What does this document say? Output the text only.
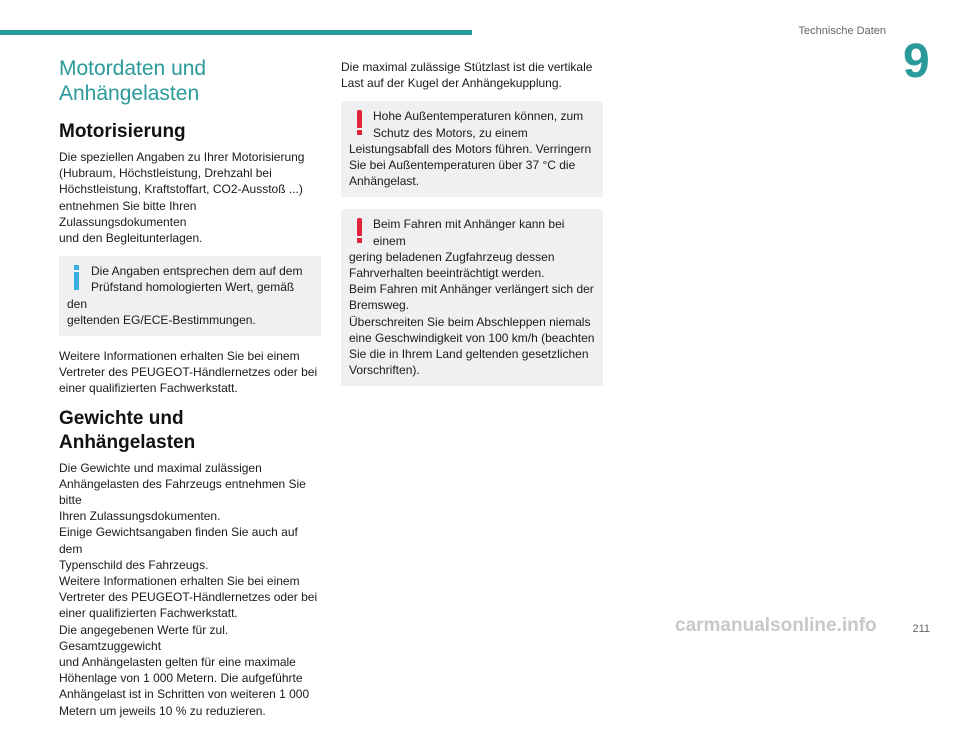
Technische Daten
9
Motordaten und
Anhängelasten
Motorisierung

Die speziellen Angaben zu Ihrer Motorisierung
(Hubraum, Höchstleistung, Drehzahl bei
Höchstleistung, Kraftstoffart, CO2-Ausstoß ...)
entnehmen Sie bitte Ihren Zulassungsdokumenten
und den Begleitunterlagen.

Die Angaben entsprechen dem auf dem
Prüfstand homologierten Wert, gemäß den
geltenden EG/ECE-Bestimmungen.

Weitere Informationen erhalten Sie bei einem
Vertreter des PEUGEOT-Händlernetzes oder bei
einer qualifizierten Fachwerkstatt.

Gewichte und Anhängelasten

Die Gewichte und maximal zulässigen
Anhängelasten des Fahrzeugs entnehmen Sie bitte
Ihren Zulassungsdokumenten.
Einige Gewichtsangaben finden Sie auch auf dem
Typenschild des Fahrzeugs.
Weitere Informationen erhalten Sie bei einem
Vertreter des PEUGEOT-Händlernetzes oder bei
einer qualifizierten Fachwerkstatt.
Die angegebenen Werte für zul. Gesamtzuggewicht
und Anhängelasten gelten für eine maximale
Höhenlage von 1 000 Metern. Die aufgeführte
Anhängelast ist in Schritten von weiteren 1 000
Metern um jeweils 10 % zu reduzieren.

Die maximal zulässige Stützlast ist die vertikale
Last auf der Kugel der Anhängekupplung.

Hohe Außentemperaturen können, zum
Schutz des Motors, zu einem
Leistungsabfall des Motors führen. Verringern
Sie bei Außentemperaturen über 37 °C die
Anhängelast.
Beim Fahren mit Anhänger kann bei einem
gering beladenen Zugfahrzeug dessen
Fahrverhalten beeinträchtigt werden.
Beim Fahren mit Anhänger verlängert sich der
Bremsweg.
Überschreiten Sie beim Abschleppen niemals
eine Geschwindigkeit von 100 km/h (beachten
Sie die in Ihrem Land geltenden gesetzlichen
Vorschriften).
211
carmanualsonline.info
